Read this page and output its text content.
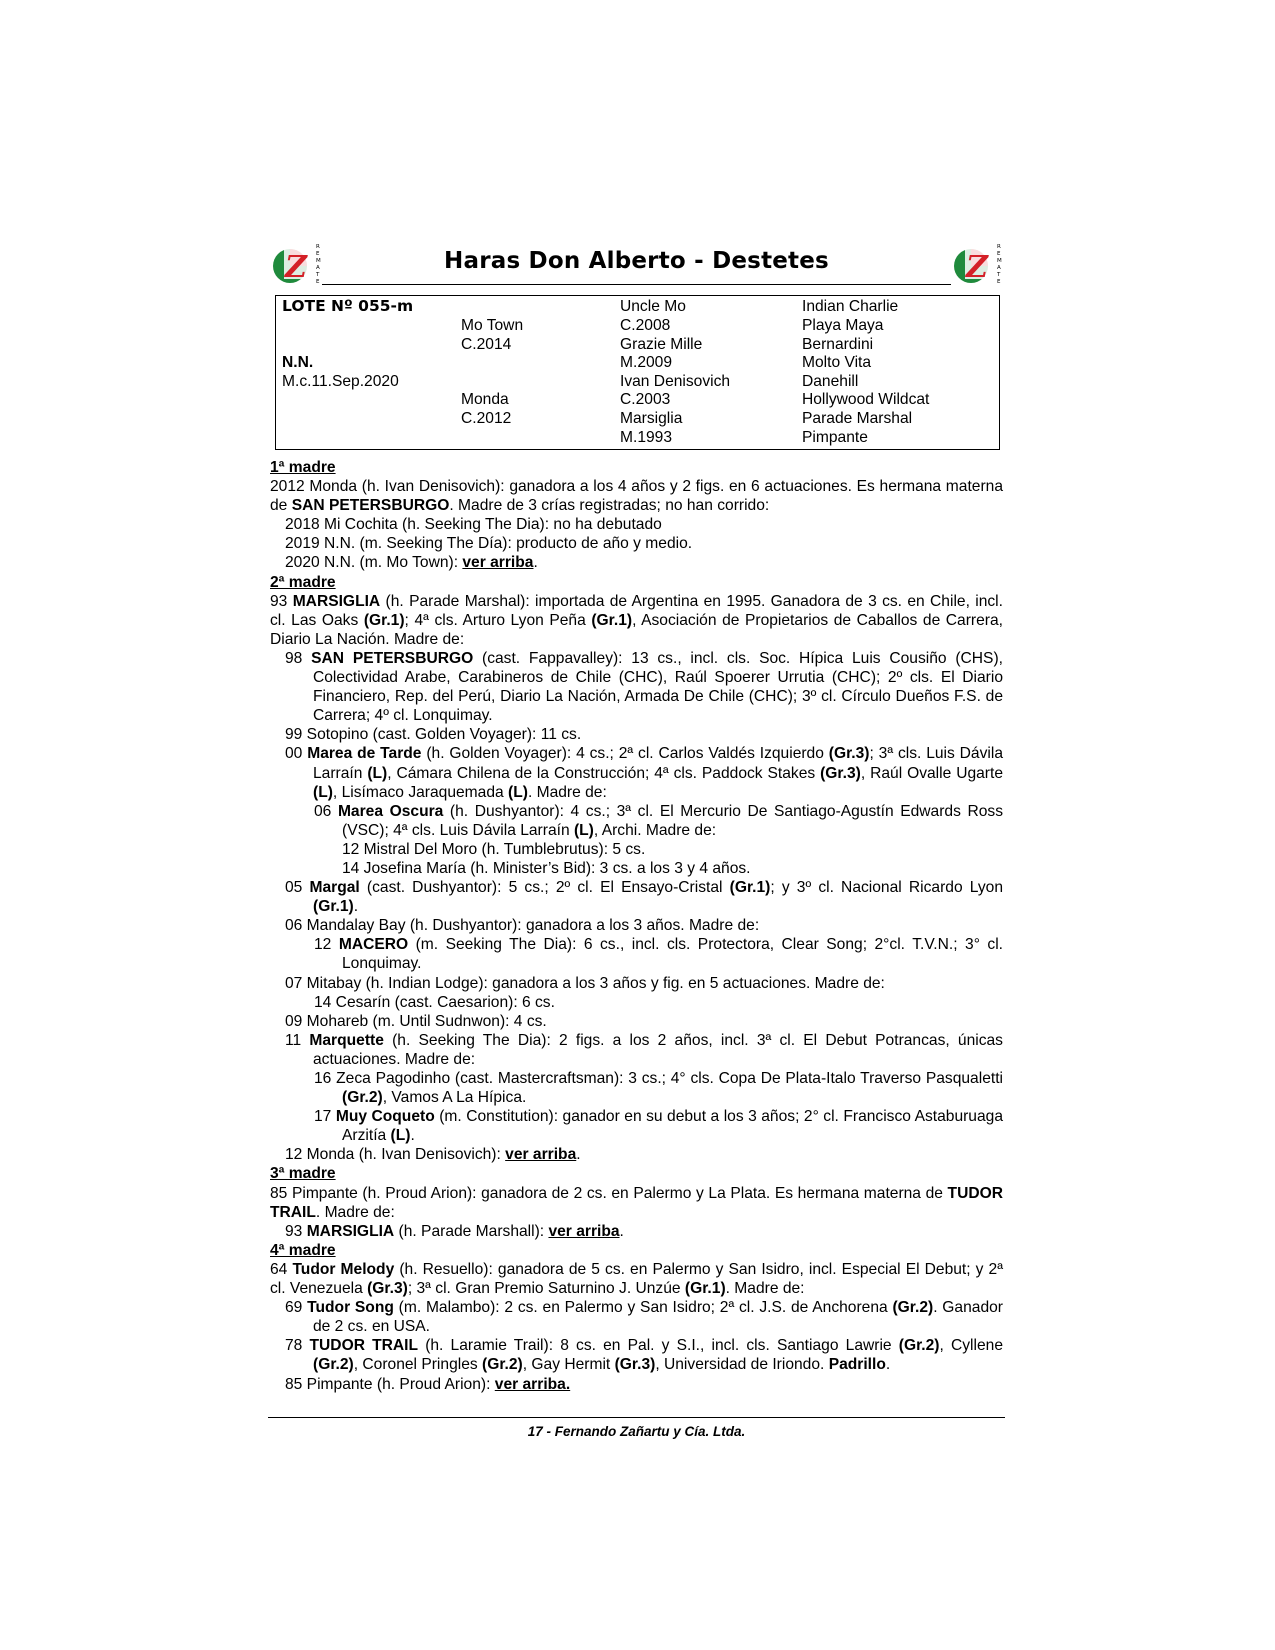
Z
R
E
M
A
T
E
Haras Don Alberto - Destetes	Z
R
E
M
A
T
E
LOTE Nº 055-m
N.N.
M.c.11.Sep.2020
Mo Town
C.2014
Monda
C.2012
Uncle Mo
C.2008
Grazie Mille
M.2009
Ivan Denisovich
C.2003
Marsiglia
M.1993
Indian Charlie
Playa Maya
Bernardini
Molto Vita
Danehill
Hollywood Wildcat
Parade Marshal
Pimpante
1ª madre

2012 Monda (h. Ivan Denisovich): ganadora a los 4 años y 2 figs. en 6 actuaciones. Es hermana materna de SAN PETERSBURGO. Madre de 3 crías registradas; no han corrido:

2018 Mi Cochita (h. Seeking The Dia): no ha debutado

2019 N.N. (m. Seeking The Día): producto de año y medio.

2020 N.N. (m. Mo Town): ver arriba.

2ª madre

93 MARSIGLIA (h. Parade Marshal): importada de Argentina en 1995. Ganadora de 3 cs. en Chile, incl. cl. Las Oaks (Gr.1); 4ª cls. Arturo Lyon Peña (Gr.1), Asociación de Propietarios de Caballos de Carrera, Diario La Nación. Madre de:

98 SAN PETERSBURGO (cast. Fappavalley): 13 cs., incl. cls. Soc. Hípica Luis Cousiño (CHS), Colectividad Arabe, Carabineros de Chile (CHC), Raúl Spoerer Urrutia (CHC); 2º cls. El Diario Financiero, Rep. del Perú, Diario La Nación, Armada De Chile (CHC); 3º cl. Círculo Dueños F.S. de Carrera; 4º cl. Lonquimay.

99 Sotopino (cast. Golden Voyager): 11 cs.

00 Marea de Tarde (h. Golden Voyager): 4 cs.; 2ª cl. Carlos Valdés Izquierdo (Gr.3); 3ª cls. Luis Dávila Larraín (L), Cámara Chilena de la Construcción; 4ª cls. Paddock Stakes (Gr.3), Raúl Ovalle Ugarte (L), Lisímaco Jaraquemada (L). Madre de:

06 Marea Oscura (h. Dushyantor): 4 cs.; 3ª cl. El Mercurio De Santiago-Agustín Edwards Ross (VSC); 4ª cls. Luis Dávila Larraín (L), Archi. Madre de:

12 Mistral Del Moro (h. Tumblebrutus): 5 cs.

14 Josefina María (h. Minister’s Bid): 3 cs. a los 3 y 4 años.

05 Margal (cast. Dushyantor): 5 cs.; 2º cl. El Ensayo-Cristal (Gr.1); y 3º cl. Nacional Ricardo Lyon (Gr.1).

06 Mandalay Bay (h. Dushyantor): ganadora a los 3 años. Madre de:

12 MACERO (m. Seeking The Dia): 6 cs., incl. cls. Protectora, Clear Song; 2°cl. T.V.N.; 3° cl. Lonquimay.

07 Mitabay (h. Indian Lodge): ganadora a los 3 años y fig. en 5 actuaciones. Madre de:

14 Cesarín (cast. Caesarion): 6 cs.

09 Mohareb (m. Until Sudnwon): 4 cs.

11 Marquette (h. Seeking The Dia): 2 figs. a los 2 años, incl. 3ª cl. El Debut Potrancas, únicas actuaciones. Madre de:

16 Zeca Pagodinho (cast. Mastercraftsman): 3 cs.; 4° cls. Copa De Plata-Italo Traverso Pasqualetti (Gr.2), Vamos A La Hípica.

17 Muy Coqueto (m. Constitution): ganador en su debut a los 3 años; 2° cl. Francisco Astaburuaga Arzitía (L).

12 Monda (h. Ivan Denisovich): ver arriba.

3ª madre

85 Pimpante (h. Proud Arion): ganadora de 2 cs. en Palermo y La Plata. Es hermana materna de TUDOR TRAIL. Madre de:

93 MARSIGLIA (h. Parade Marshall): ver arriba.

4ª madre

64 Tudor Melody (h. Resuello): ganadora de 5 cs. en Palermo y San Isidro, incl. Especial El Debut; y 2ª cl. Venezuela (Gr.3); 3ª cl. Gran Premio Saturnino J. Unzúe (Gr.1). Madre de:

69 Tudor Song (m. Malambo): 2 cs. en Palermo y San Isidro; 2ª cl. J.S. de Anchorena (Gr.2). Ganador de 2 cs. en USA.

78 TUDOR TRAIL (h. Laramie Trail): 8 cs. en Pal. y S.I., incl. cls. Santiago Lawrie (Gr.2), Cyllene (Gr.2), Coronel Pringles (Gr.2), Gay Hermit (Gr.3), Universidad de Iriondo. Padrillo.

85 Pimpante (h. Proud Arion): ver arriba.

17 - Fernando Zañartu y Cía. Ltda.
